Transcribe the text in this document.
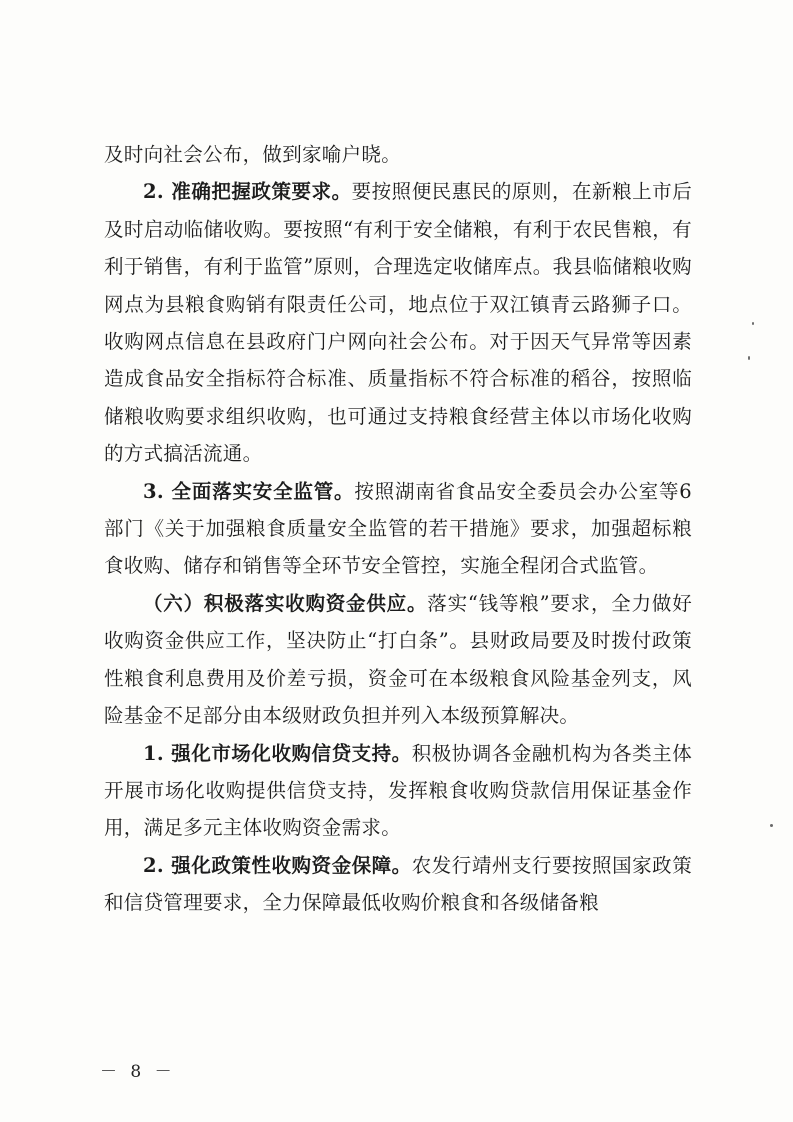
及时向社会公布，做到家喻户晓。

2. 准确把握政策要求。要按照便民惠民的原则，在新粮上市后及时启动临储收购。要按照“有利于安全储粮，有利于农民售粮，有利于销售，有利于监管”原则，合理选定收储库点。我县临储粮收购网点为县粮食购销有限责任公司，地点位于双江镇青云路狮子口。收购网点信息在县政府门户网向社会公布。对于因天气异常等因素造成食品安全指标符合标准、质量指标不符合标准的稻谷，按照临储粮收购要求组织收购，也可通过支持粮食经营主体以市场化收购的方式搞活流通。

3. 全面落实安全监管。按照湖南省食品安全委员会办公室等6部门《关于加强粮食质量安全监管的若干措施》要求，加强超标粮食收购、储存和销售等全环节安全管控，实施全程闭合式监管。

（六）积极落实收购资金供应。落实“钱等粮”要求，全力做好收购资金供应工作，坚决防止“打白条”。县财政局要及时拨付政策性粮食利息费用及价差亏损，资金可在本级粮食风险基金列支，风险基金不足部分由本级财政负担并列入本级预算解决。

1. 强化市场化收购信贷支持。积极协调各金融机构为各类主体开展市场化收购提供信贷支持，发挥粮食收购贷款信用保证基金作用，满足多元主体收购资金需求。

2. 强化政策性收购资金保障。农发行靖州支行要按照国家政策和信贷管理要求，全力保障最低收购价粮食和各级储备粮

－ 8 －
